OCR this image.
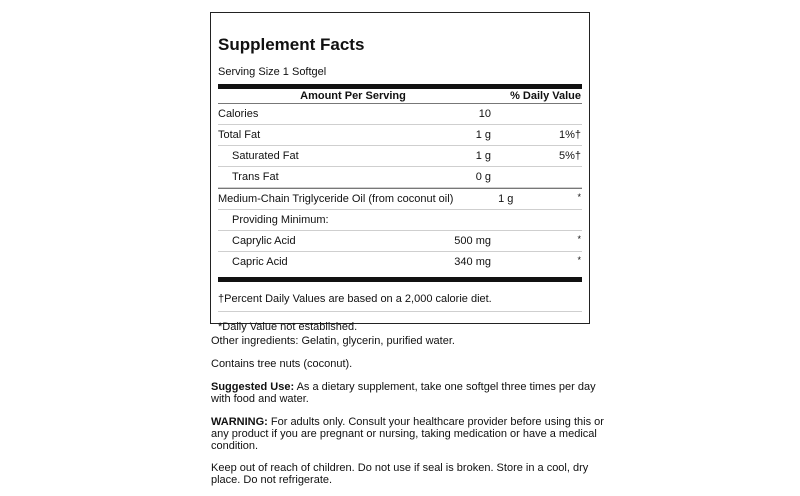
Supplement Facts
Serving Size 1 Softgel
Amount Per Serving	% Daily Value
Calories	10
Total Fat	1 g	1%†
Saturated Fat	1 g	5%†
Trans Fat	0 g
Medium-Chain Triglyceride Oil (from coconut oil)	1 g	*
Providing Minimum:
Caprylic Acid	500 mg	*
Capric Acid	340 mg	*
†Percent Daily Values are based on a 2,000 calorie diet.
*Daily Value not established.
Other ingredients: Gelatin, glycerin, purified water.
Contains tree nuts (coconut).
Suggested Use: As a dietary supplement, take one softgel three times per day with food and water.
WARNING: For adults only. Consult your healthcare provider before using this or any product if you are pregnant or nursing, taking medication or have a medical condition.
Keep out of reach of children. Do not use if seal is broken. Store in a cool, dry place. Do not refrigerate.
